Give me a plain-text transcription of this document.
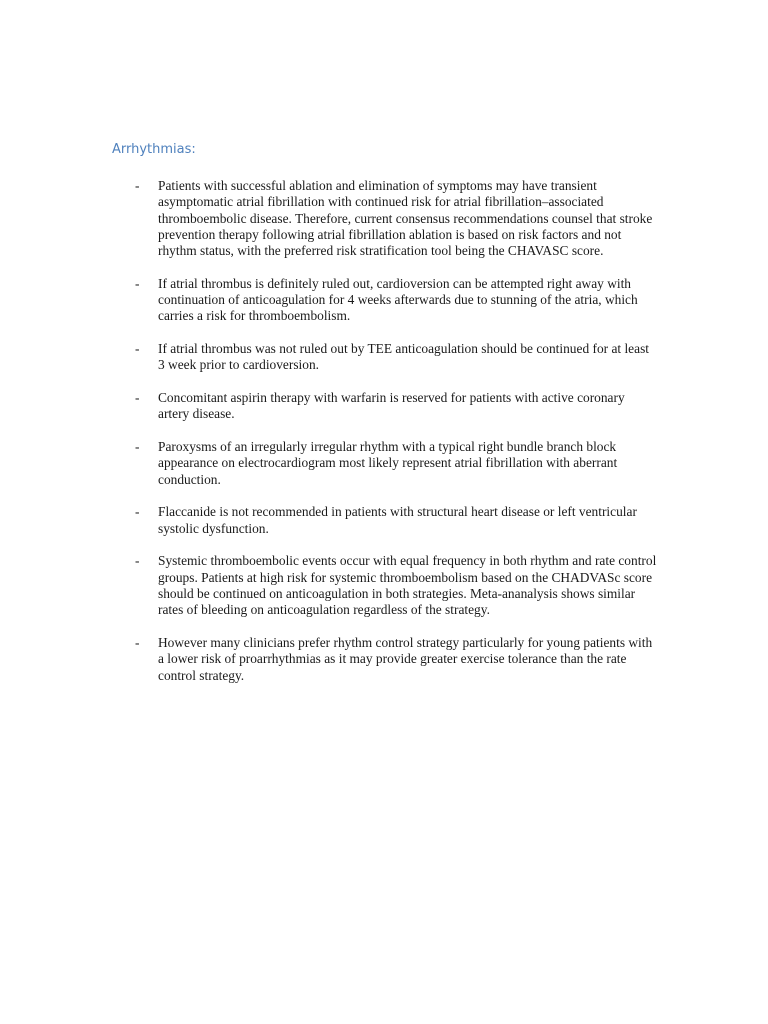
Arrhythmias:
- Patients with successful ablation and elimination of symptoms may have transient asymptomatic atrial fibrillation with continued risk for atrial fibrillation–associated thromboembolic disease. Therefore, current consensus recommendations counsel that stroke prevention therapy following atrial fibrillation ablation is based on risk factors and not rhythm status, with the preferred risk stratification tool being the CHAVASC score.
- If atrial thrombus is definitely ruled out, cardioversion can be attempted right away with continuation of anticoagulation for 4 weeks afterwards due to stunning of the atria, which carries a risk for thromboembolism.
- If atrial thrombus was not ruled out by TEE anticoagulation should be continued for at least 3 week prior to cardioversion.
- Concomitant aspirin therapy with warfarin is reserved for patients with active coronary artery disease.
- Paroxysms of an irregularly irregular rhythm with a typical right bundle branch block appearance on electrocardiogram most likely represent atrial fibrillation with aberrant conduction.
- Flaccanide is not recommended in patients with structural heart disease or left ventricular systolic dysfunction.
- Systemic thromboembolic events occur with equal frequency in both rhythm and rate control groups. Patients at high risk for systemic thromboembolism based on the CHADVASc score should be continued on anticoagulation in both strategies. Meta-ananalysis shows similar rates of bleeding on anticoagulation regardless of the strategy.
- However many clinicians prefer rhythm control strategy particularly for young patients with a lower risk of proarrhythmias as it may provide greater exercise tolerance than the rate control strategy.
